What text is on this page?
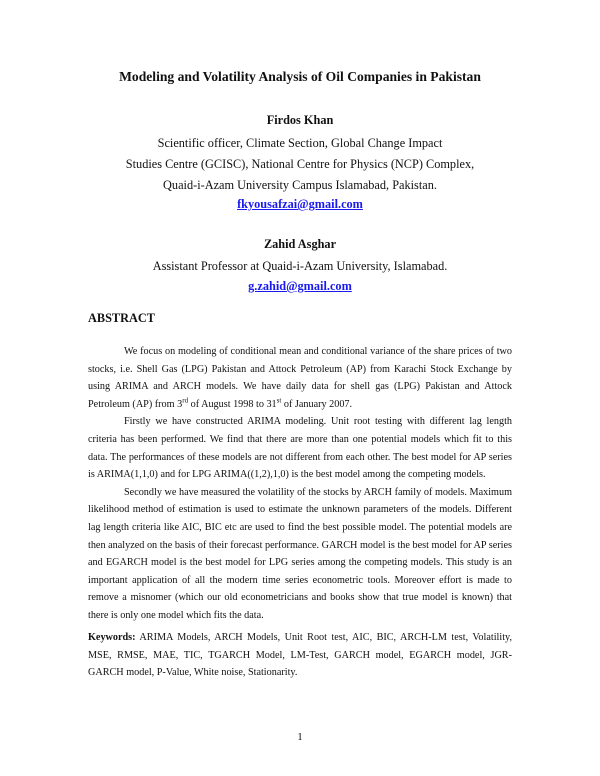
Modeling and Volatility Analysis of Oil Companies in Pakistan
Firdos Khan
Scientific officer, Climate Section, Global Change Impact
Studies Centre (GCISC), National Centre for Physics (NCP) Complex,
Quaid-i-Azam University Campus Islamabad, Pakistan.
fkyousafzai@gmail.com
Zahid Asghar
Assistant Professor at Quaid-i-Azam University, Islamabad.
g.zahid@gmail.com
ABSTRACT

We focus on modeling of conditional mean and conditional variance of the share prices of two stocks, i.e. Shell Gas (LPG) Pakistan and Attock Petroleum (AP) from Karachi Stock Exchange by using ARIMA and ARCH models. We have daily data for shell gas (LPG) Pakistan and Attock Petroleum (AP) from 3rd of August 1998 to 31st of January 2007.

Firstly we have constructed ARIMA modeling. Unit root testing with different lag length criteria has been performed. We find that there are more than one potential models which fit to this data. The performances of these models are not different from each other. The best model for AP series is ARIMA(1,1,0) and for LPG ARIMA((1,2),1,0) is the best model among the competing models.

Secondly we have measured the volatility of the stocks by ARCH family of models. Maximum likelihood method of estimation is used to estimate the unknown parameters of the models. Different lag length criteria like AIC, BIC etc are used to find the best possible model. The potential models are then analyzed on the basis of their forecast performance. GARCH model is the best model for AP series and EGARCH model is the best model for LPG series among the competing models. This study is an important application of all the modern time series econometric tools. Moreover effort is made to remove a misnomer (which our old econometricians and books show that true model is known) that there is only one model which fits the data.

Keywords: ARIMA Models, ARCH Models, Unit Root test, AIC, BIC, ARCH-LM test, Volatility, MSE, RMSE, MAE, TIC, TGARCH Model, LM-Test, GARCH model, EGARCH model, JGR-GARCH model, P-Value, White noise, Stationarity.
1
